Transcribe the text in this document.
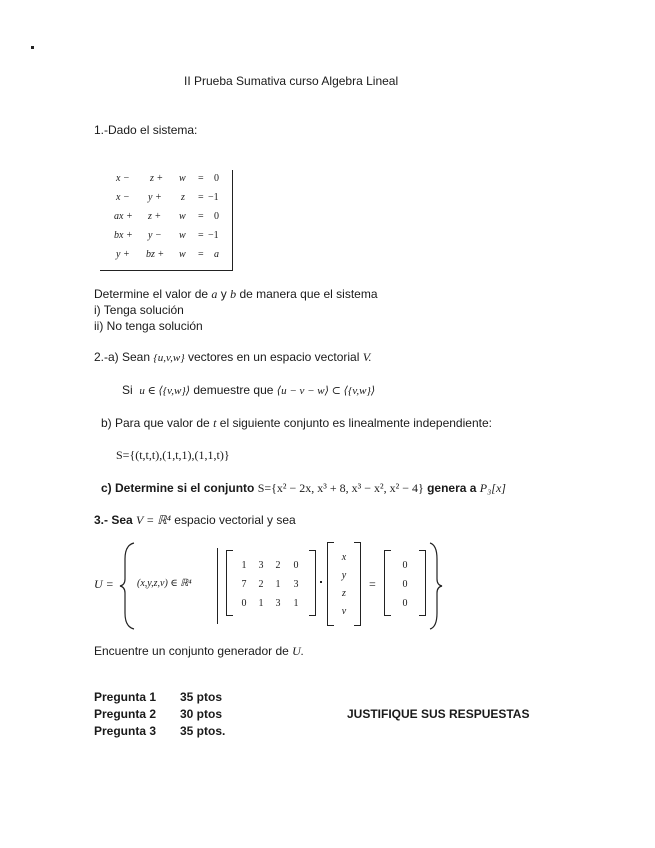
II Prueba Sumativa curso Algebra Lineal
1.-Dado el sistema:
x − z + w = 0
x − y + z = −1
ax + z + w = 0
bx + y − w = −1
y + bz + w = a
Determine el valor de a y b de manera que el sistema
i) Tenga solución
ii) No tenga solución
2.-a) Sean {u,v,w} vectores en un espacio vectorial V.
Si u ∈ ⟨{v,w}⟩ demuestre que ⟨u − v − w⟩ ⊂ ⟨{v,w}⟩
b) Para que valor de t el siguiente conjunto es linealmente independiente:
S={(t,t,t),(1,t,1),(1,1,t)}
c) Determine si el conjunto S={x² − 2x, x³ + 8, x³ − x², x² − 4} genera a P₃[x]
3.- Sea V = ℝ⁴ espacio vectorial y sea
U = (x,y,z,v) ∈ ℝ⁴
1	3	2	0
7	2	1	3
0	1	3	1
x
y
z
v
=
0
0
0
Encuentre un conjunto generador de U.
Pregunta 1 35 ptos
Pregunta 2 30 ptos
Pregunta 3 35 ptos.
JUSTIFIQUE SUS RESPUESTAS
